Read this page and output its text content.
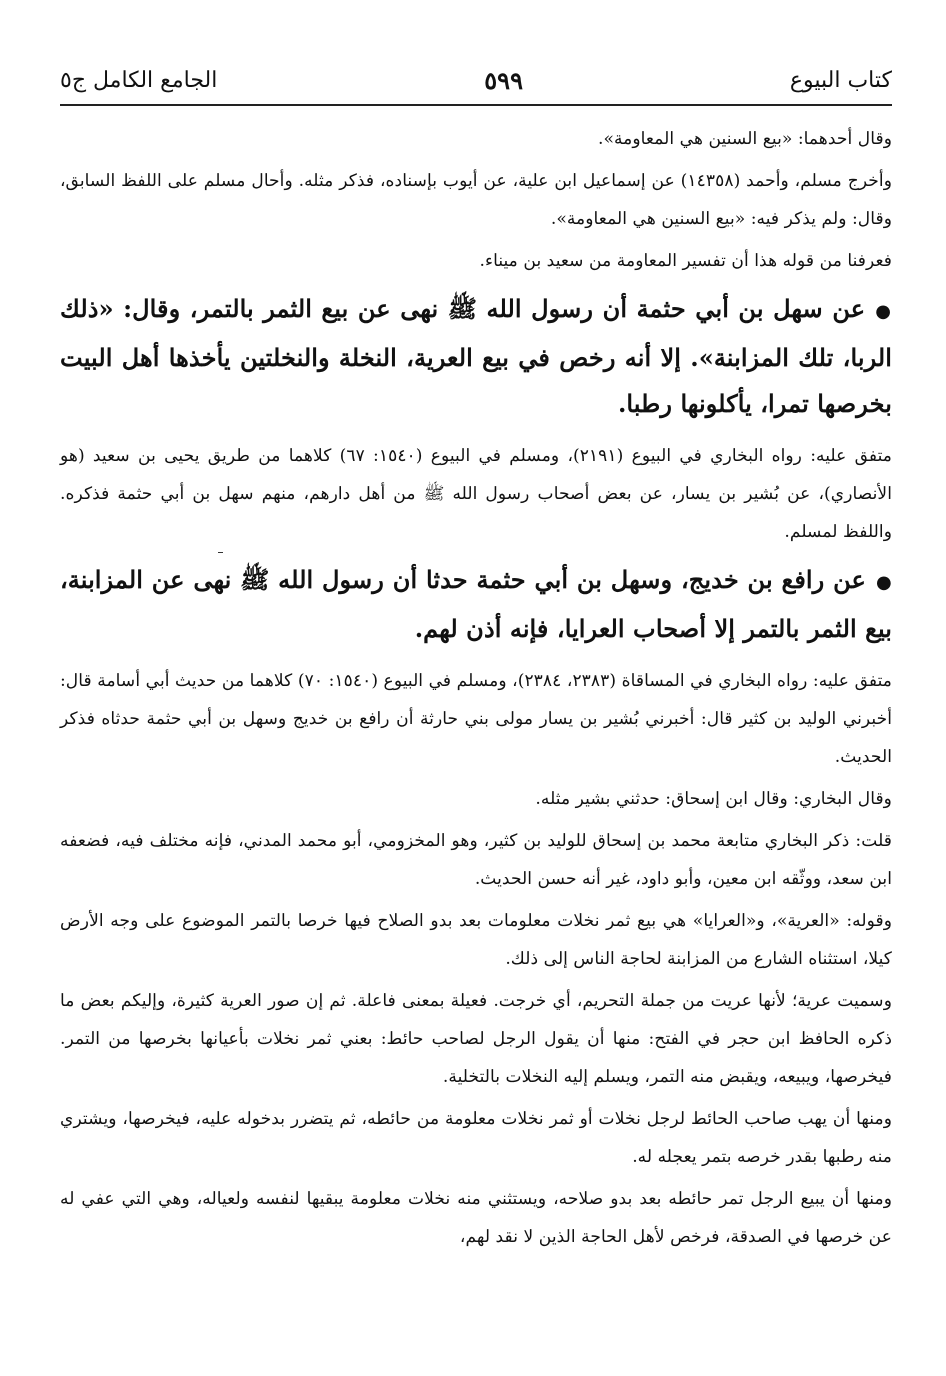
كتاب البيوع
٥٩٩
الجامع الكامل ج٥

وقال أحدهما: «بيع السنين هي المعاومة».

وأخرج مسلم، وأحمد (١٤٣٥٨) عن إسماعيل ابن علية، عن أيوب بإسناده، فذكر مثله. وأحال مسلم على اللفظ السابق، وقال: ولم يذكر فيه: «بيع السنين هي المعاومة».

فعرفنا من قوله هذا أن تفسير المعاومة من سعيد بن ميناء.

●عن سهل بن أبي حثمة أن رسول الله ﷺ نهى عن بيع الثمر بالتمر، وقال: «ذلك الربا، تلك المزابنة». إلا أنه رخص في بيع العرية، النخلة والنخلتين يأخذها أهل البيت بخرصها تمرا، يأكلونها رطبا.

متفق عليه: رواه البخاري في البيوع (٢١٩١)، ومسلم في البيوع (١٥٤٠: ٦٧) كلاهما من طريق يحيى بن سعيد (هو الأنصاري)، عن بُشير بن يسار، عن بعض أصحاب رسول الله ﷺ من أهل دارهم، منهم سهل بن أبي حثمة فذكره. واللفظ لمسلم.

●عن رافع بن خديج، وسهل بن أبي حثمة حدثا أن رسول الله ﷺ نهى عن المزابنة، بيع الثمر بالتمر إلا أصحاب العرايا، فإنه أذن لهم.

متفق عليه: رواه البخاري في المساقاة (٢٣٨٣، ٢٣٨٤)، ومسلم في البيوع (١٥٤٠: ٧٠) كلاهما من حديث أبي أسامة قال: أخبرني الوليد بن كثير قال: أخبرني بُشير بن يسار مولى بني حارثة أن رافع بن خديج وسهل بن أبي حثمة حدثاه فذكر الحديث.

وقال البخاري: وقال ابن إسحاق: حدثني بشير مثله.

قلت: ذكر البخاري متابعة محمد بن إسحاق للوليد بن كثير، وهو المخزومي، أبو محمد المدني، فإنه مختلف فيه، فضعفه ابن سعد، ووثّقه ابن معين، وأبو داود، غير أنه حسن الحديث.

وقوله: «العرية»، و«العرايا» هي بيع ثمر نخلات معلومات بعد بدو الصلاح فيها خرصا بالتمر الموضوع على وجه الأرض كيلا، استثناه الشارع من المزابنة لحاجة الناس إلى ذلك.

وسميت عرية؛ لأنها عريت من جملة التحريم، أي خرجت. فعيلة بمعنى فاعلة. ثم إن صور العرية كثيرة، وإليكم بعض ما ذكره الحافظ ابن حجر في الفتح: منها أن يقول الرجل لصاحب حائط: بعني ثمر نخلات بأعيانها بخرصها من التمر. فيخرصها، ويبيعه، ويقبض منه التمر، ويسلم إليه النخلات بالتخلية.

ومنها أن يهب صاحب الحائط لرجل نخلات أو ثمر نخلات معلومة من حائطه، ثم يتضرر بدخوله عليه، فيخرصها، ويشتري منه رطبها بقدر خرصه بتمر يعجله له.

ومنها أن يبيع الرجل تمر حائطه بعد بدو صلاحه، ويستثني منه نخلات معلومة يبقيها لنفسه ولعياله، وهي التي عفي له عن خرصها في الصدقة، فرخص لأهل الحاجة الذين لا نقد لهم،
